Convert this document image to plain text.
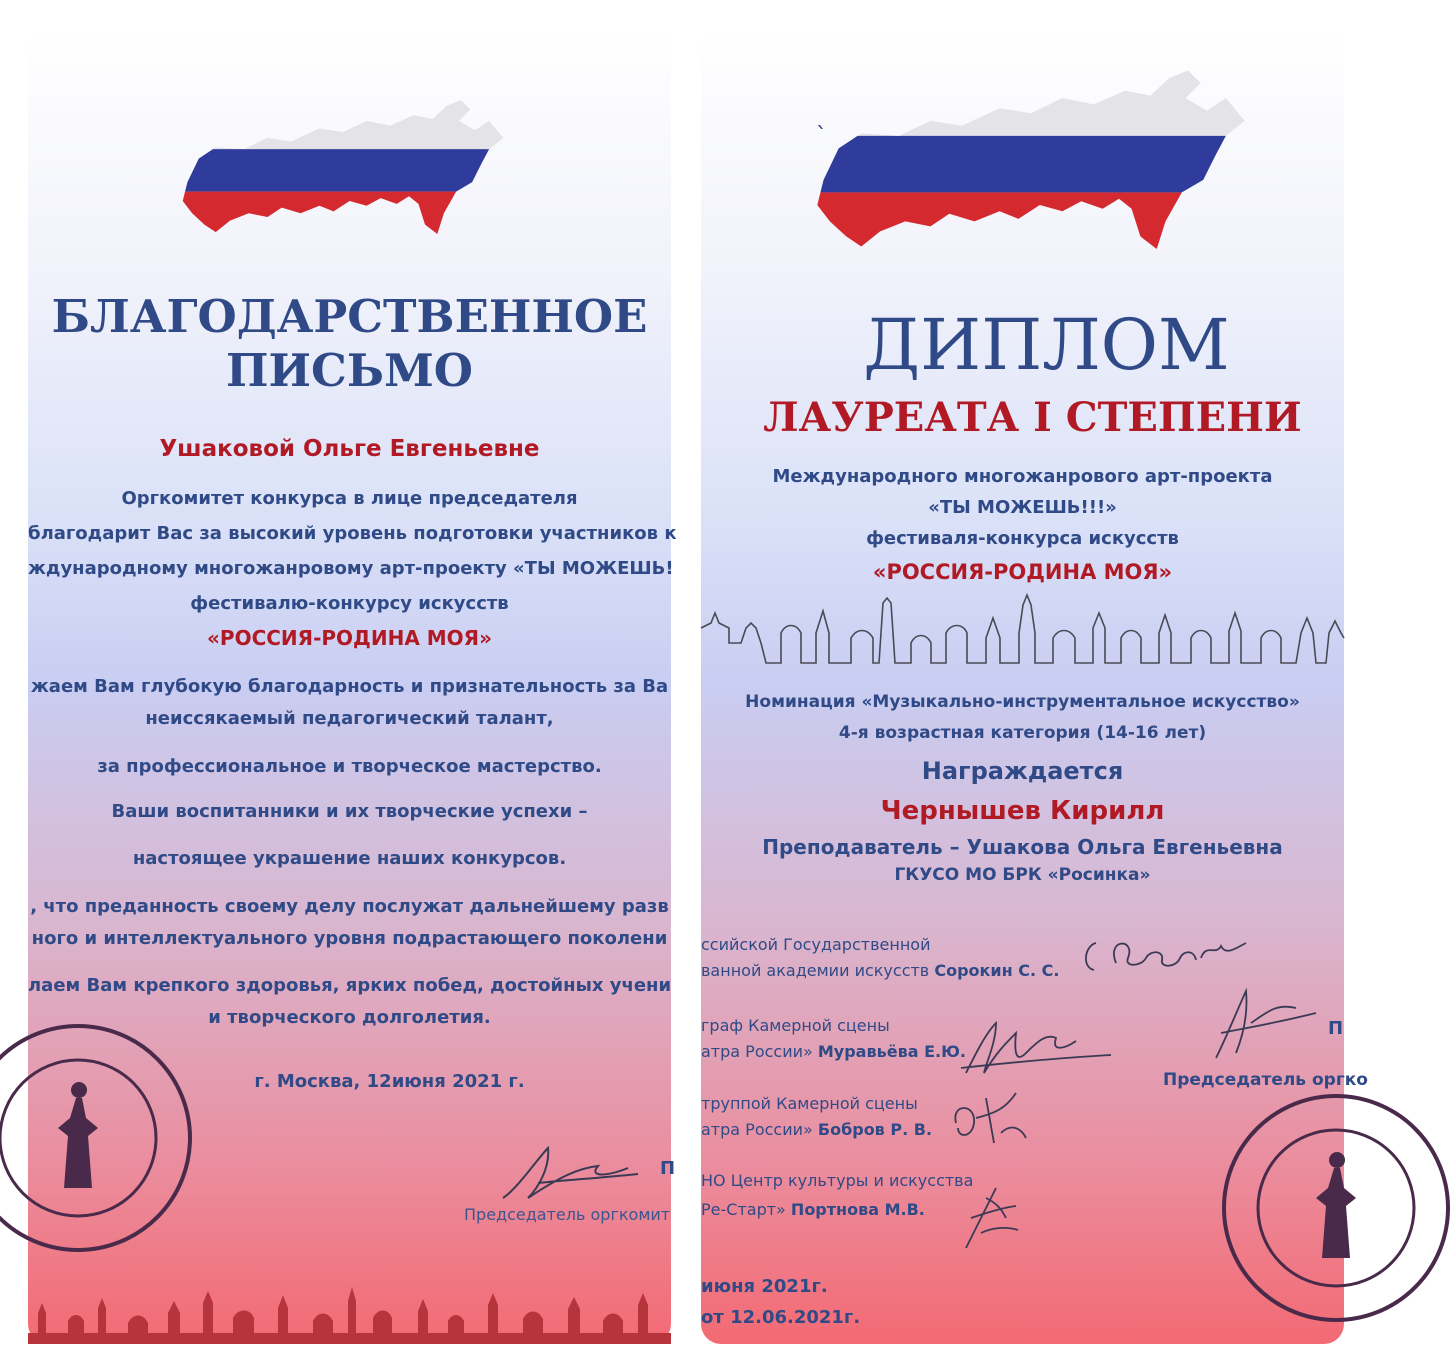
БЛАГОДАРСТВЕННОЕ
ПИСЬМО
Ушаковой Ольге Евгеньевне
Оргкомитет конкурса в лице председателя
благодарит Вас за высокий уровень подготовки участников к
ждународному многожанровому арт-проекту «ТЫ МОЖЕШЬ!
фестивалю-конкурсу искусств
«РОССИЯ-РОДИНА МОЯ»
жаем Вам глубокую благодарность и признательность за Ва
неиссякаемый педагогический талант,
за профессиональное и творческое мастерство.
Ваши воспитанники и их творческие успехи –
настоящее украшение наших конкурсов.
, что преданность своему делу послужат дальнейшему разв
ного и интеллектуального уровня подрастающего поколени
лаем Вам крепкого здоровья, ярких побед, достойных учени
и творческого долголетия.
г. Москва, 12июня 2021 г.
П
Председатель оргкомит
`
ДИПЛОМ
ЛАУРЕАТА I СТЕПЕНИ
Международного многожанрового арт-проекта
«ТЫ МОЖЕШЬ!!!»
фестиваля-конкурса искусств
«РОССИЯ-РОДИНА МОЯ»
Номинация «Музыкально-инструментальное искусство»
4-я возрастная категория (14-16 лет)
Награждается
Чернышев Кирилл
Преподаватель – Ушакова Ольга Евгеньевна
ГКУСО МО БРК «Росинка»
ссийской Государственной
ванной академии искусств Сорокин С. С.
граф Камерной сцены
атра России» Муравьёва Е.Ю.
труппой Камерной сцены
атра России» Бобров Р. В.
НО Центр культуры и искусства
Ре-Старт» Портнова М.В.
П
Председатель оргко
июня 2021г.
от 12.06.2021г.
